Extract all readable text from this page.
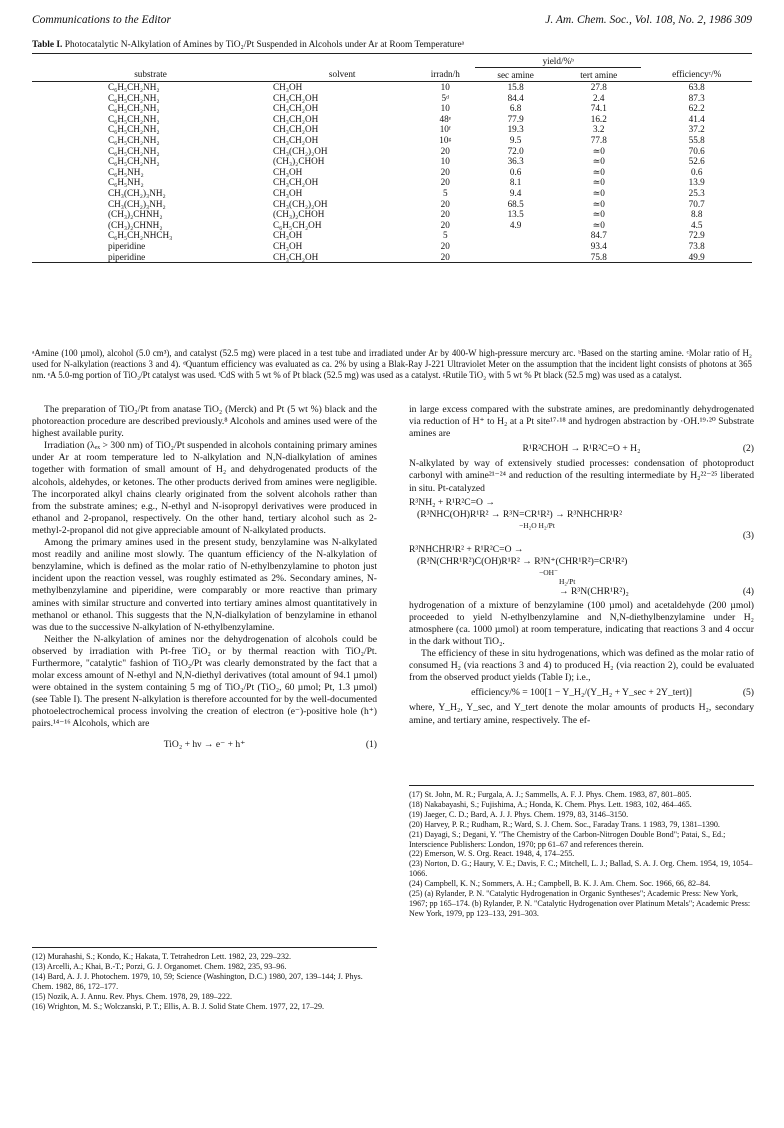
Communications to the Editor	J. Am. Chem. Soc., Vol. 108, No. 2, 1986 309
Table I. Photocatalytic N-Alkylation of Amines by TiO₂/Pt Suspended in Alcohols under Ar at Room Temperatureᵃ
			yield/%ᵇ		
substrate	solvent	irradn/h	sec amine	tert amine	efficiencyᶜ/%
C₆H₅CH₂NH₂	CH₃OH	10	15.8	27.8	63.8
C₆H₅CH₂NH₂	CH₃CH₂OH	5ᵈ	84.4	2.4	87.3
C₆H₅CH₂NH₂	CH₃CH₂OH	10	6.8	74.1	62.2
C₆H₅CH₂NH₂	CH₃CH₂OH	48ᵉ	77.9	16.2	41.4
C₆H₅CH₂NH₂	CH₃CH₂OH	10ᶠ	19.3	3.2	37.2
C₆H₅CH₂NH₂	CH₃CH₂OH	10ᵍ	9.5	77.8	55.8
C₆H₅CH₂NH₂	CH₃(CH₂)₂OH	20	72.0	≃0	70.6
C₆H₅CH₂NH₂	(CH₃)₂CHOH	10	36.3	≃0	52.6
C₆H₅NH₂	CH₃OH	20	0.6	≃0	0.6
C₆H₅NH₂	CH₃CH₂OH	20	8.1	≃0	13.9
CH₃(CH₂)₃NH₂	CH₃OH	5	9.4	≃0	25.3
CH₃(CH₂)₃NH₂	CH₃(CH₂)₂OH	20	68.5	≃0	70.7
(CH₃)₂CHNH₂	(CH₃)₂CHOH	20	13.5	≃0	8.8
(CH₃)₂CHNH₂	C₆H₅CH₂OH	20	4.9	≃0	4.5
C₆H₅CH₂NHCH₃	CH₃OH	5		84.7	72.9
piperidine	CH₃OH	20		93.4	73.8
piperidine	CH₃CH₂OH	20		75.8	49.9
ᵃAmine (100 µmol), alcohol (5.0 cm³), and catalyst (52.5 mg) were placed in a test tube and irradiated under Ar by 400-W high-pressure mercury arc. ᵇBased on the starting amine. ᶜMolar ratio of H₂ used for N-alkylation (reactions 3 and 4). ᵈQuantum efficiency was evaluated as ca. 2% by using a Blak-Ray J-221 Ultraviolet Meter on the assumption that the incident light consists of photons at 365 nm. ᵉA 5.0-mg portion of TiO₂/Pt catalyst was used. ᶠCdS with 5 wt % of Pt black (52.5 mg) was used as a catalyst. ᵍRutile TiO₂ with 5 wt % Pt black (52.5 mg) was used as a catalyst.

The preparation of TiO₂/Pt from anatase TiO₂ (Merck) and Pt (5 wt %) black and the photoreaction procedure are described previously.⁸ Alcohols and amines used were of the highest available purity.

Irradiation (λₑₓ > 300 nm) of TiO₂/Pt suspended in alcohols containing primary amines under Ar at room temperature led to N-alkylation and N,N-dialkylation of amines together with formation of small amount of H₂ and dehydrogenated products of the alcohols, aldehydes, or ketones. The other products derived from amines were negligible. The incorporated alkyl chains clearly originated from the solvent alcohols rather than from the substrate amines; e.g., N-ethyl and N-isopropyl derivatives were produced in ethanol and 2-propanol, respectively. On the other hand, tertiary alcohol such as 2-methyl-2-propanol did not give appreciable amount of N-alkylated products.

Among the primary amines used in the present study, benzylamine was N-alkylated most readily and aniline most slowly. The quantum efficiency of the N-alkylation of benzylamine, which is defined as the molar ratio of N-ethylbenzylamine to photon just incident upon the reaction vessel, was roughly estimated as 2%. Secondary amines, N-methylbenzylamine and piperidine, were comparably or more reactive than primary amines with similar structure and converted into tertiary amines almost quantitatively in methanol or ethanol. This suggests that the N,N-dialkylation of benzylamine in ethanol was due to the successive N-alkylation of N-ethylbenzylamine.

Neither the N-alkylation of amines nor the dehydrogenation of alcohols could be observed by irradiation with Pt-free TiO₂ or by thermal reaction with TiO₂/Pt. Furthermore, "catalytic" fashion of TiO₂/Pt was clearly demonstrated by the fact that a molar excess amount of N-ethyl and N,N-diethyl derivatives (total amount of 94.1 µmol) were obtained in the system containing 5 mg of TiO₂/Pt (TiO₂, 60 µmol; Pt, 1.3 µmol) (see Table I). The present N-alkylation is therefore accounted for by the well-documented photoelectrochemical process involving the creation of electron (e⁻)-positive hole (h⁺) pairs.¹⁴⁻¹⁶ Alcohols, which are

TiO₂ + hν → e⁻ + h⁺	(1)

(12) Murahashi, S.; Kondo, K.; Hakata, T. Tetrahedron Lett. 1982, 23, 229–232.

(13) Arcelli, A.; Khai, B.-T.; Porzi, G. J. Organomet. Chem. 1982, 235, 93–96.

(14) Bard, A. J. J. Photochem. 1979, 10, 59; Science (Washington, D.C.) 1980, 207, 139–144; J. Phys. Chem. 1982, 86, 172–177.

(15) Nozik, A. J. Annu. Rev. Phys. Chem. 1978, 29, 189–222.

(16) Wrighton, M. S.; Wolczanski, P. T.; Ellis, A. B. J. Solid State Chem. 1977, 22, 17–29.

in large excess compared with the substrate amines, are predominantly dehydrogenated via reduction of H⁺ to H₂ at a Pt site¹⁷·¹⁸ and hydrogen abstraction by ·OH.¹⁹·²⁰ Substrate amines are

R¹R²CHOH → R¹R²C=O + H₂	(2)

N-alkylated by way of extensively studied processes: condensation of photoproduct carbonyl with amine²¹⁻²⁴ and reduction of the resulting intermediate by H₂²²⁻²⁵ liberated in situ. Pt-catalyzed

R³NH₂ + R¹R²C=O →
(R³NHC(OH)R¹R² → R³N=CR¹R²) → R³NHCHR¹R²
−H₂O H₂/Pt
(3)
R³NHCHR¹R² + R¹R²C=O →
(R³N(CHR¹R²)C(OH)R¹R² → R³N⁺(CHR¹R²)=CR¹R²)
−OH⁻
H₂/Pt
→ R³N(CHR¹R²)₂	(4)

hydrogenation of a mixture of benzylamine (100 µmol) and acetaldehyde (200 µmol) proceeded to yield N-ethylbenzylamine and N,N-diethylbenzylamine under H₂ atmosphere (ca. 1000 µmol) at room temperature, indicating that reactions 3 and 4 occur in the dark without TiO₂.

The efficiency of these in situ hydrogenations, which was defined as the molar ratio of consumed H₂ (via reactions 3 and 4) to produced H₂ (via reaction 2), could be evaluated from the observed product yields (Table I); i.e.,

efficiency/% = 100[1 − Y_H₂/(Y_H₂ + Y_sec + 2Y_tert)]	(5)

where, Y_H₂, Y_sec, and Y_tert denote the molar amounts of products H₂, secondary amine, and tertiary amine, respectively. The ef-

(17) St. John, M. R.; Furgala, A. J.; Sammells, A. F. J. Phys. Chem. 1983, 87, 801–805.

(18) Nakabayashi, S.; Fujishima, A.; Honda, K. Chem. Phys. Lett. 1983, 102, 464–465.

(19) Jaeger, C. D.; Bard, A. J. J. Phys. Chem. 1979, 83, 3146–3150.

(20) Harvey, P. R.; Rudham, R.; Ward, S. J. Chem. Soc., Faraday Trans. 1 1983, 79, 1381–1390.

(21) Dayagi, S.; Degani, Y. "The Chemistry of the Carbon-Nitrogen Double Bond"; Patai, S., Ed.; Interscience Publishers: London, 1970; pp 61–67 and references therein.

(22) Emerson, W. S. Org. React. 1948, 4, 174–255.

(23) Norton, D. G.; Haury, V. E.; Davis, F. C.; Mitchell, L. J.; Ballad, S. A. J. Org. Chem. 1954, 19, 1054–1066.

(24) Campbell, K. N.; Sommers, A. H.; Campbell, B. K. J. Am. Chem. Soc. 1966, 66, 82–84.

(25) (a) Rylander, P. N. "Catalytic Hydrogenation in Organic Syntheses"; Academic Press: New York, 1967; pp 165–174. (b) Rylander, P. N. "Catalytic Hydrogenation over Platinum Metals"; Academic Press: New York, 1979, pp 123–133, 291–303.
